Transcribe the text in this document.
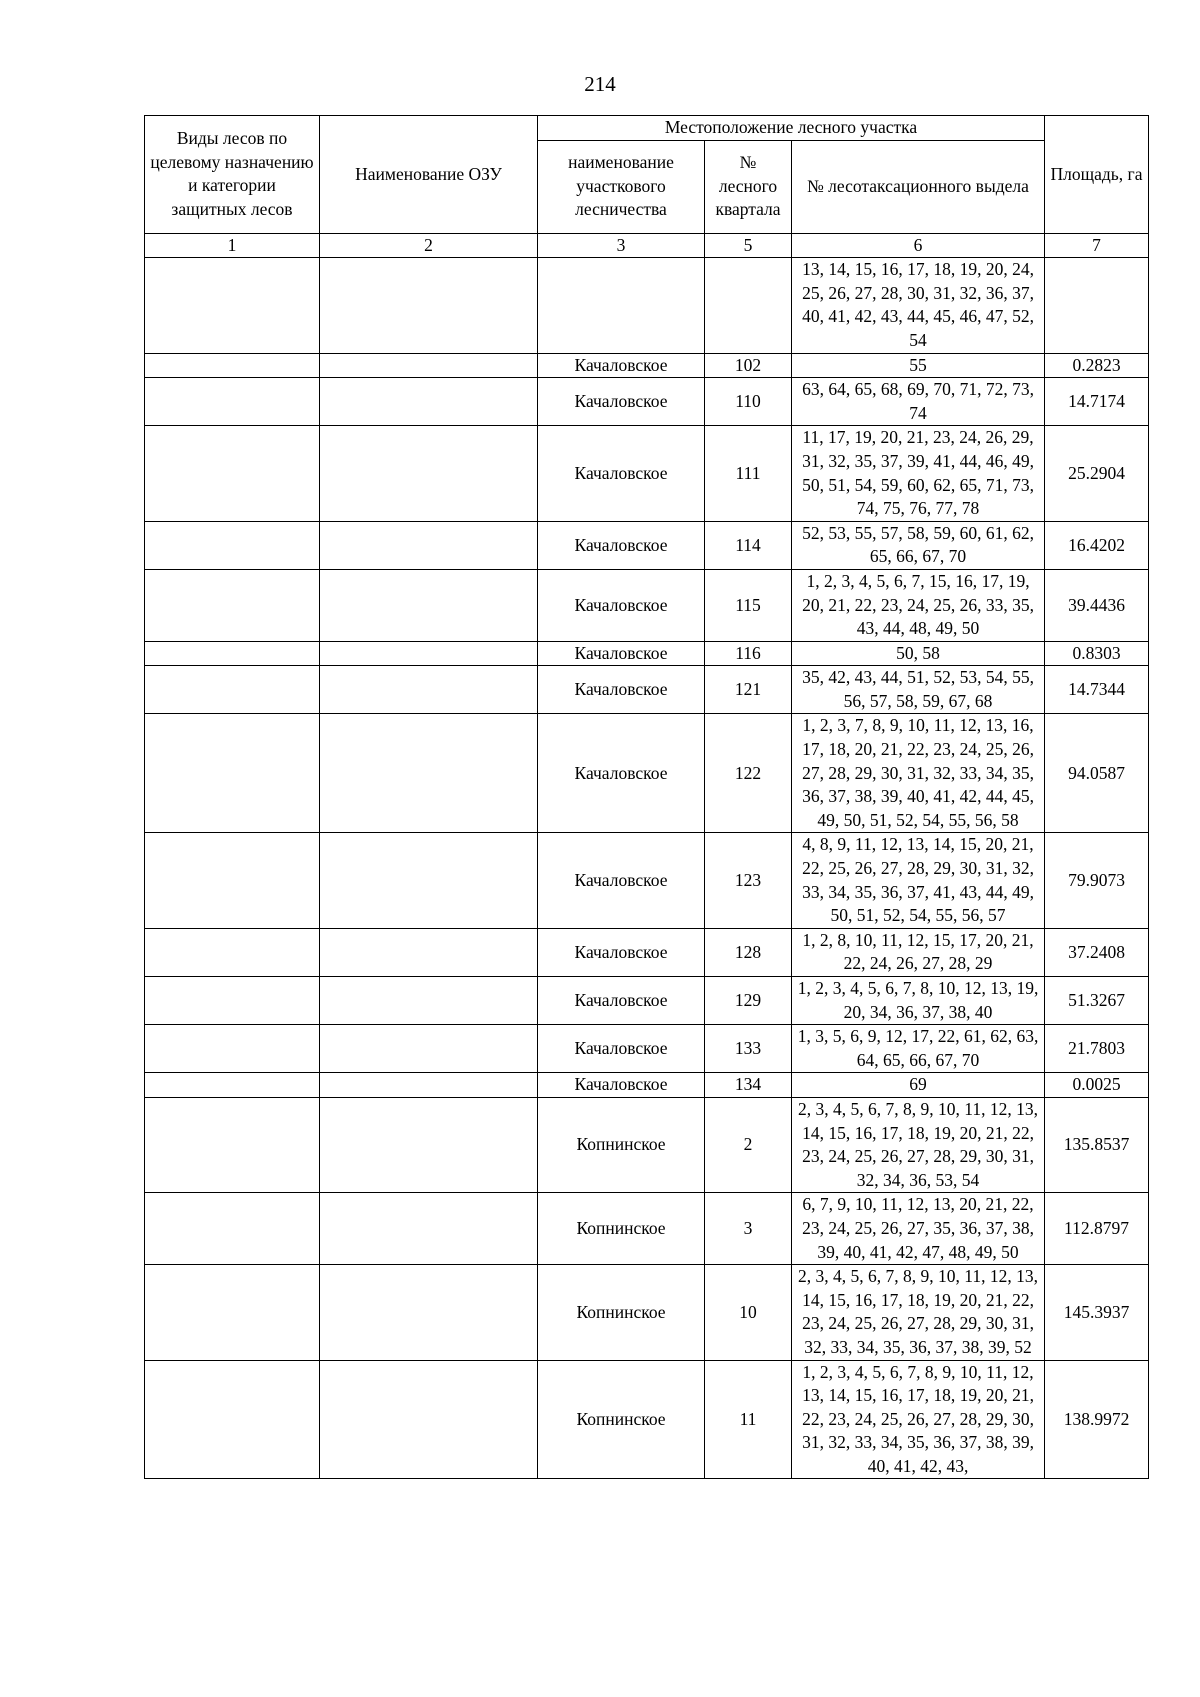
214
Виды лесов по целевому назначению и категории защитных лесов	Наименование ОЗУ	Местоположение лесного участка			Площадь, га
		наименование участкового лесничества	№ лесного квартала	№ лесотаксационного выдела	
1	2	3	5	6	7
				13, 14, 15, 16, 17, 18, 19, 20, 24, 25, 26, 27, 28, 30, 31, 32, 36, 37, 40, 41, 42, 43, 44, 45, 46, 47, 52, 54	
		Качаловское	102	55	0.2823
		Качаловское	110	63, 64, 65, 68, 69, 70, 71, 72, 73, 74	14.7174
		Качаловское	111	11, 17, 19, 20, 21, 23, 24, 26, 29, 31, 32, 35, 37, 39, 41, 44, 46, 49, 50, 51, 54, 59, 60, 62, 65, 71, 73, 74, 75, 76, 77, 78	25.2904
		Качаловское	114	52, 53, 55, 57, 58, 59, 60, 61, 62, 65, 66, 67, 70	16.4202
		Качаловское	115	1, 2, 3, 4, 5, 6, 7, 15, 16, 17, 19, 20, 21, 22, 23, 24, 25, 26, 33, 35, 43, 44, 48, 49, 50	39.4436
		Качаловское	116	50, 58	0.8303
		Качаловское	121	35, 42, 43, 44, 51, 52, 53, 54, 55, 56, 57, 58, 59, 67, 68	14.7344
		Качаловское	122	1, 2, 3, 7, 8, 9, 10, 11, 12, 13, 16, 17, 18, 20, 21, 22, 23, 24, 25, 26, 27, 28, 29, 30, 31, 32, 33, 34, 35, 36, 37, 38, 39, 40, 41, 42, 44, 45, 49, 50, 51, 52, 54, 55, 56, 58	94.0587
		Качаловское	123	4, 8, 9, 11, 12, 13, 14, 15, 20, 21, 22, 25, 26, 27, 28, 29, 30, 31, 32, 33, 34, 35, 36, 37, 41, 43, 44, 49, 50, 51, 52, 54, 55, 56, 57	79.9073
		Качаловское	128	1, 2, 8, 10, 11, 12, 15, 17, 20, 21, 22, 24, 26, 27, 28, 29	37.2408
		Качаловское	129	1, 2, 3, 4, 5, 6, 7, 8, 10, 12, 13, 19, 20, 34, 36, 37, 38, 40	51.3267
		Качаловское	133	1, 3, 5, 6, 9, 12, 17, 22, 61, 62, 63, 64, 65, 66, 67, 70	21.7803
		Качаловское	134	69	0.0025
		Копнинское	2	2, 3, 4, 5, 6, 7, 8, 9, 10, 11, 12, 13, 14, 15, 16, 17, 18, 19, 20, 21, 22, 23, 24, 25, 26, 27, 28, 29, 30, 31, 32, 34, 36, 53, 54	135.8537
		Копнинское	3	6, 7, 9, 10, 11, 12, 13, 20, 21, 22, 23, 24, 25, 26, 27, 35, 36, 37, 38, 39, 40, 41, 42, 47, 48, 49, 50	112.8797
		Копнинское	10	2, 3, 4, 5, 6, 7, 8, 9, 10, 11, 12, 13, 14, 15, 16, 17, 18, 19, 20, 21, 22, 23, 24, 25, 26, 27, 28, 29, 30, 31, 32, 33, 34, 35, 36, 37, 38, 39, 52	145.3937
		Копнинское	11	1, 2, 3, 4, 5, 6, 7, 8, 9, 10, 11, 12, 13, 14, 15, 16, 17, 18, 19, 20, 21, 22, 23, 24, 25, 26, 27, 28, 29, 30, 31, 32, 33, 34, 35, 36, 37, 38, 39, 40, 41, 42, 43,	138.9972
